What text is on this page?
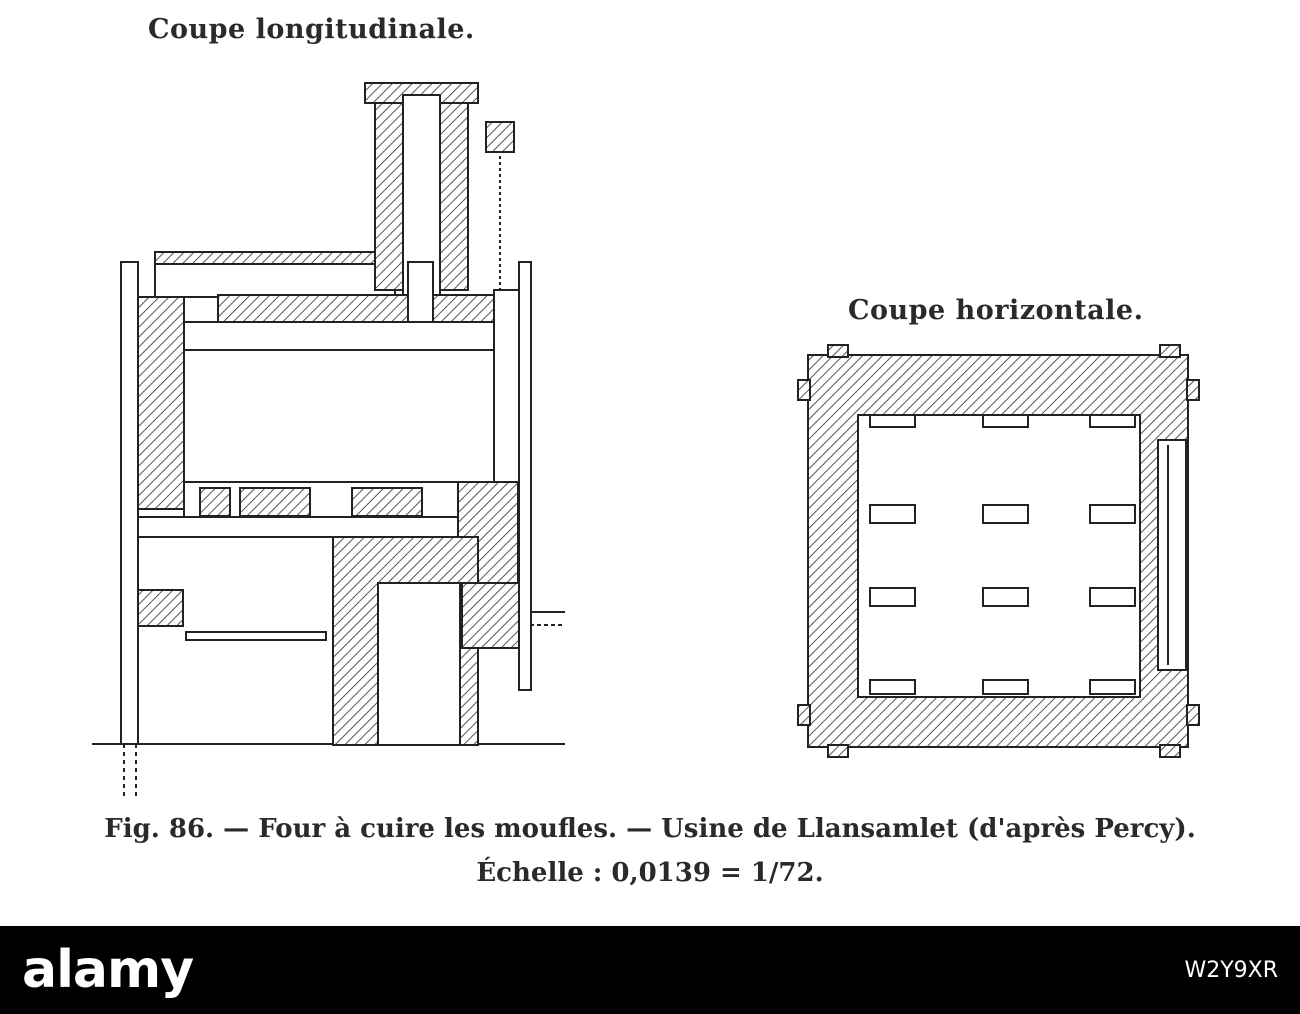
Coupe longitudinale.
Coupe horizontale.
Fig. 86. — Four à cuire les moufles. — Usine de Llansamlet (d'après Percy).
Échelle : 0,0139 = 1/72.
alamy	W2Y9XR
